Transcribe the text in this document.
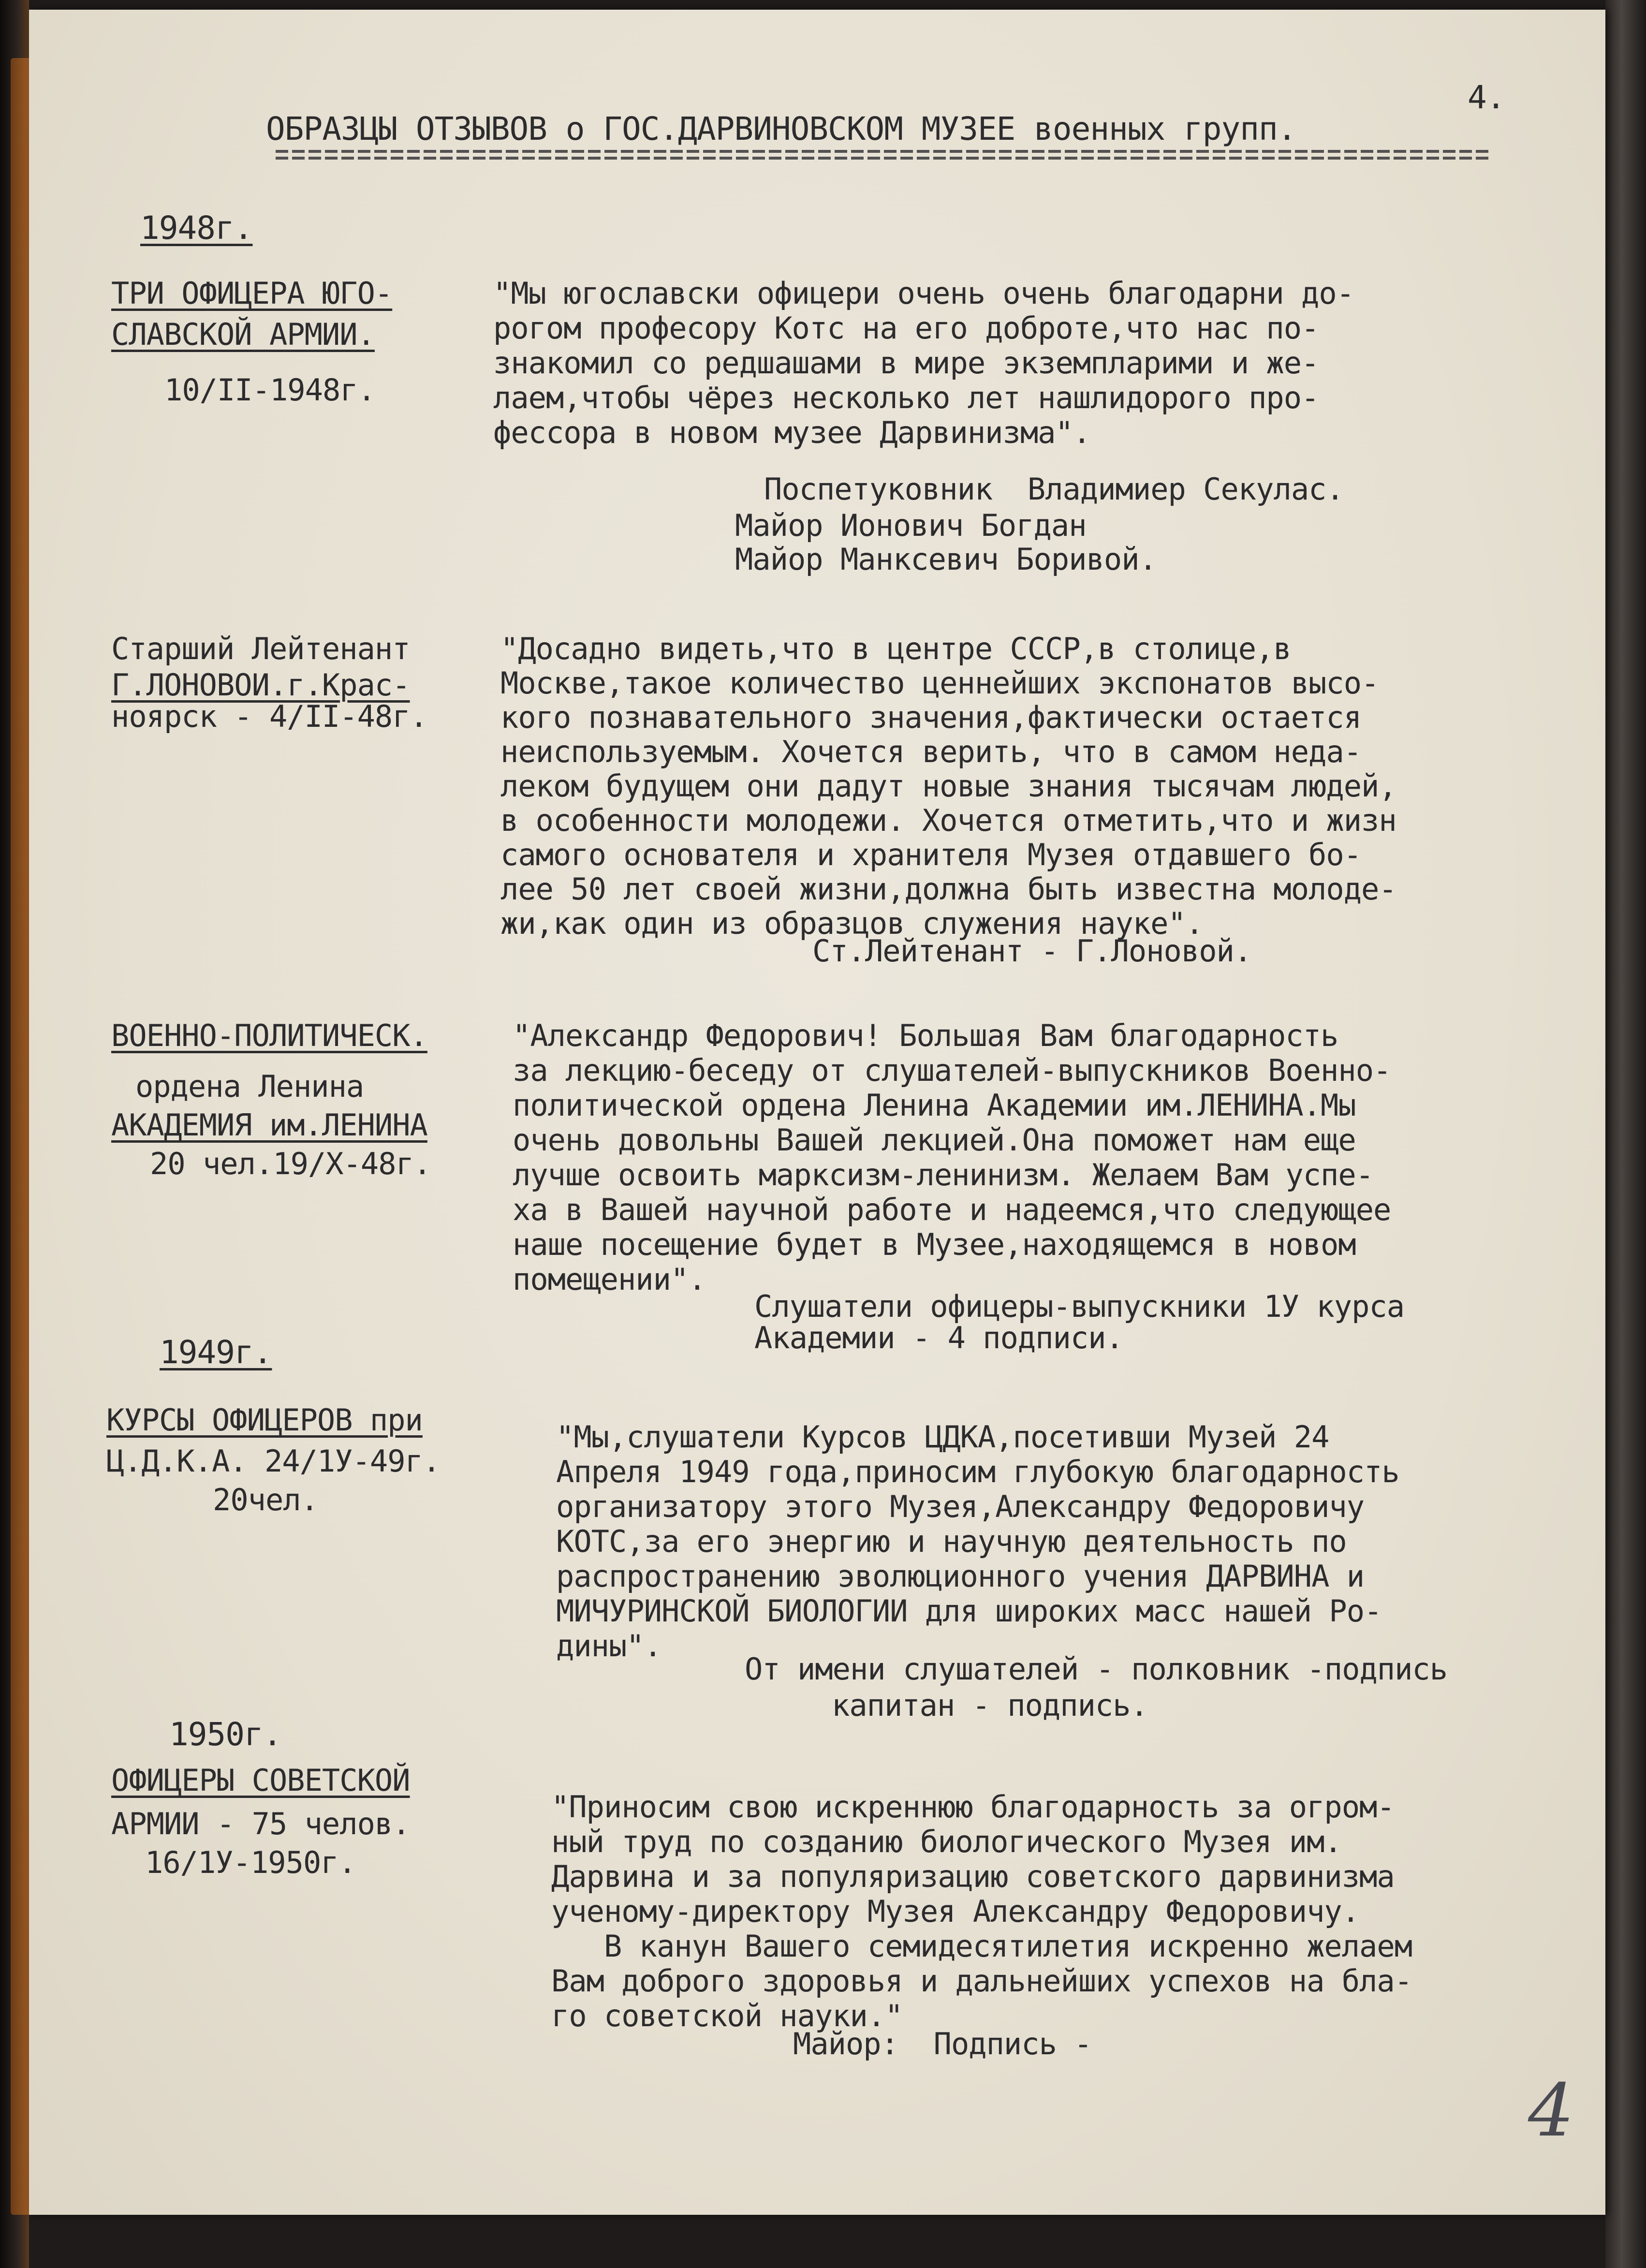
4.

ОБРАЗЦЫ ОТЗЫВОВ о ГОС.ДАРВИНОВСКОМ МУЗЕЕ военных групп.

1948г.

ТРИ ОФИЦЕРА ЮГО-

СЛАВСКОЙ АРМИИ.

10/II-1948г.

"Мы югославски офицери очень очень благодарни до-

рогом професору Котс на его доброте,что нас по-

знакомил со редшашами в мире экземпларими и же-

лаем,чтобы чёрез несколько лет нашлидорого про-

фессора в новом музее Дарвинизма".

Поспетуковник  Владимиер Секулас.

Майор Ионович Богдан

Майор Манксевич Боривой.

Старший Лейтенант

Г.ЛОНОВОИ.г.Крас-

ноярск - 4/II-48г.

"Досадно видеть,что в центре СССР,в столице,в

Москве,такое количество ценнейших экспонатов высо-

кого познавательного значения,фактически остается

неиспользуемым. Хочется верить, что в самом неда-

леком будущем они дадут новые знания тысячам людей,

в особенности молодежи. Хочется отметить,что и жизн

самого основателя и хранителя Музея отдавшего бо-

лее 50 лет своей жизни,должна быть известна молоде-

жи,как один из образцов служения науке".

Ст.Лейтенант - Г.Лоновой.

ВОЕННО-ПОЛИТИЧЕСК.

ордена Ленина

АКАДЕМИЯ им.ЛЕНИНА

20 чел.19/X-48г.

"Александр Федорович! Большая Вам благодарность

за лекцию-беседу от слушателей-выпускников Военно-

политической ордена Ленина Академии им.ЛЕНИНА.Мы

очень довольны Вашей лекцией.Она поможет нам еще

лучше освоить марксизм-ленинизм. Желаем Вам успе-

ха в Вашей научной работе и надеемся,что следующее

наше посещение будет в Музее,находящемся в новом

помещении".

Слушатели офицеры-выпускники 1У курса

Академии - 4 подписи.

1949г.

КУРСЫ ОФИЦЕРОВ при

Ц.Д.К.А. 24/1У-49г.

20чел.

"Мы,слушатели Курсов ЦДКА,посетивши Музей 24

Апреля 1949 года,приносим глубокую благодарность

организатору этого Музея,Александру Федоровичу

КОТС,за его энергию и научную деятельность по

распространению эволюционного учения ДАРВИНА и

МИЧУРИНСКОЙ БИОЛОГИИ для широких масс нашей Ро-

дины".

От имени слушателей - полковник -подпись

капитан - подпись.

1950г.

ОФИЦЕРЫ СОВЕТСКОЙ

АРМИИ - 75 челов.

16/1У-1950г.

"Приносим свою искреннюю благодарность за огром-

ный труд по созданию биологического Музея им.

Дарвина и за популяризацию советского дарвинизма

ученому-директору Музея Александру Федоровичу.

В канун Вашего семидесятилетия искренно желаем

Вам доброго здоровья и дальнейших успехов на бла-

го советской науки."

Майор:  Подпись -

4
